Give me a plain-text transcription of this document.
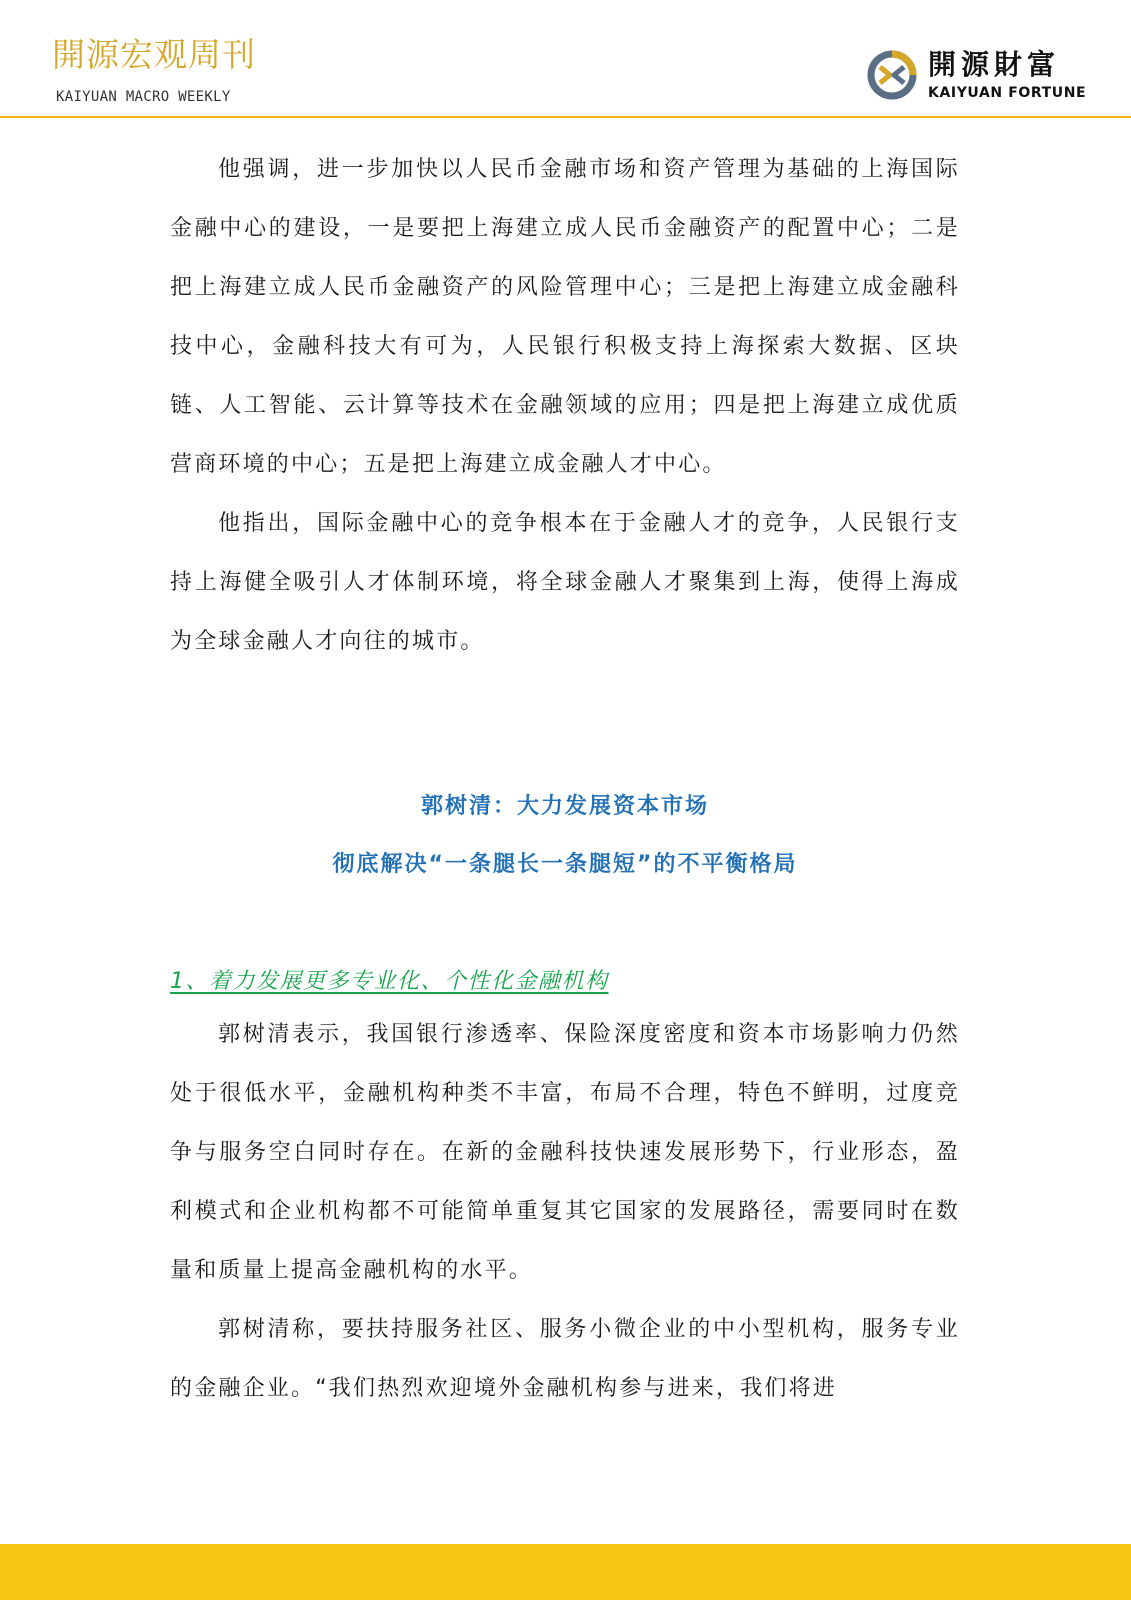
開源宏观周刊
KAIYUAN MACRO WEEKLY
開源財富
KAIYUAN FORTUNE

他强调，进一步加快以人民币金融市场和资产管理为基础的上海国际金融中心的建设，一是要把上海建立成人民币金融资产的配置中心；二是把上海建立成人民币金融资产的风险管理中心；三是把上海建立成金融科技中心，金融科技大有可为，人民银行积极支持上海探索大数据、区块链、人工智能、云计算等技术在金融领域的应用；四是把上海建立成优质营商环境的中心；五是把上海建立成金融人才中心。

他指出，国际金融中心的竞争根本在于金融人才的竞争，人民银行支持上海健全吸引人才体制环境，将全球金融人才聚集到上海，使得上海成为全球金融人才向往的城市。

郭树清：大力发展资本市场
彻底解决“一条腿长一条腿短”的不平衡格局
1、着力发展更多专业化、个性化金融机构

郭树清表示，我国银行渗透率、保险深度密度和资本市场影响力仍然处于很低水平，金融机构种类不丰富，布局不合理，特色不鲜明，过度竞争与服务空白同时存在。在新的金融科技快速发展形势下，行业形态，盈利模式和企业机构都不可能简单重复其它国家的发展路径，需要同时在数量和质量上提高金融机构的水平。

郭树清称，要扶持服务社区、服务小微企业的中小型机构，服务专业的金融企业。“我们热烈欢迎境外金融机构参与进来，我们将进
